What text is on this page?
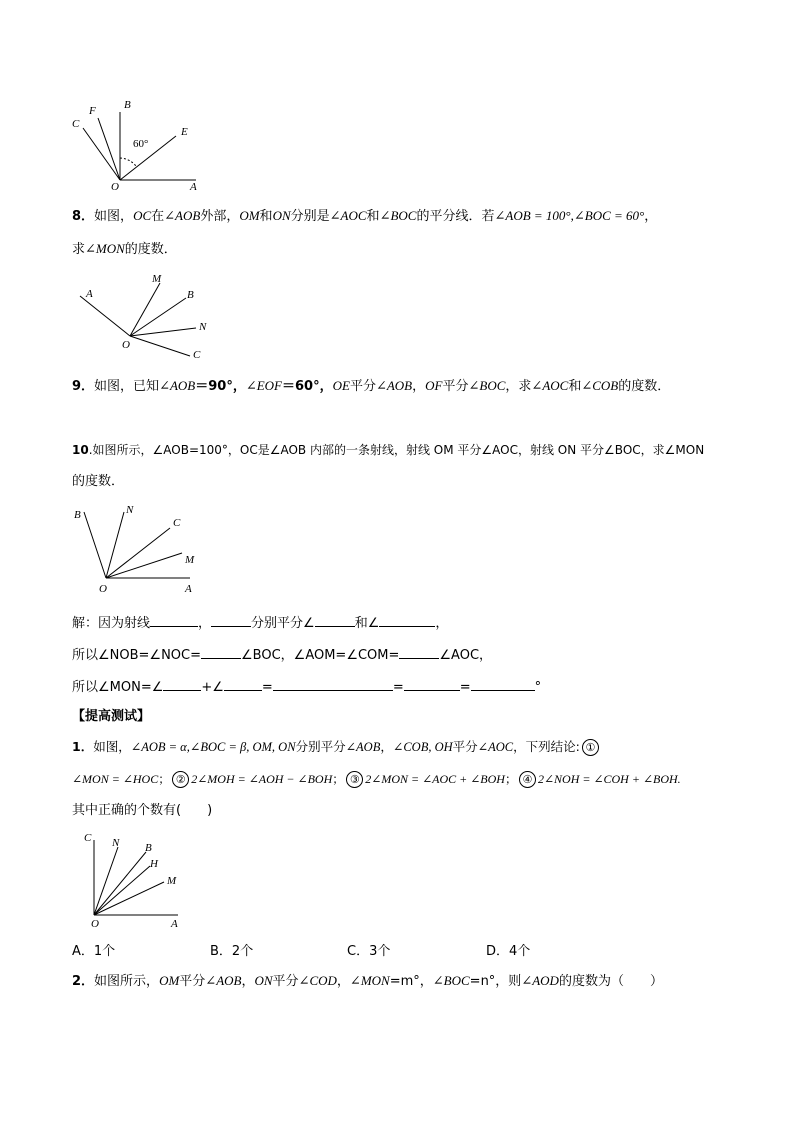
C
F	B
E
O	A
60°
8．如图，OC在∠AOB外部，OM和ON分别是∠AOC和∠BOC的平分线．若∠AOB = 100°,∠BOC = 60°，
求∠MON的度数．
A
M
B
N
O
C
9．如图，已知∠AOB＝90°，∠EOF＝60°，OE平分∠AOB，OF平分∠BOC，求∠AOC和∠COB的度数．
10.如图所示，∠AOB=100°，OC是∠AOB 内部的一条射线，射线 OM 平分∠AOC，射线 ON 平分∠BOC，求∠MON
的度数．
B	N
C
M
O	A
解：因为射线	，	分别平分∠	和∠	，
所以∠NOB=∠NOC=	∠BOC，∠AOM=∠COM=	∠AOC，
所以∠MON=∠	+∠	=	=	=	°
【提高测试】
1．如图，∠AOB = α,∠BOC = β, OM, ON分别平分∠AOB，∠COB, OH平分∠AOC，下列结论: ①
∠MON = ∠HOC； ② 2∠MOH = ∠AOH − ∠BOH； ③ 2∠MON = ∠AOC + ∠BOH； ④ 2∠NOH = ∠COH + ∠BOH.
其中正确的个数有(　　)
C N B
H
M
O	A
A．1个	B．2个	C．3个	D．4个
2．如图所示，OM平分∠AOB，ON平分∠COD，∠MON=m°，∠BOC=n°，则∠AOD的度数为（　　）
